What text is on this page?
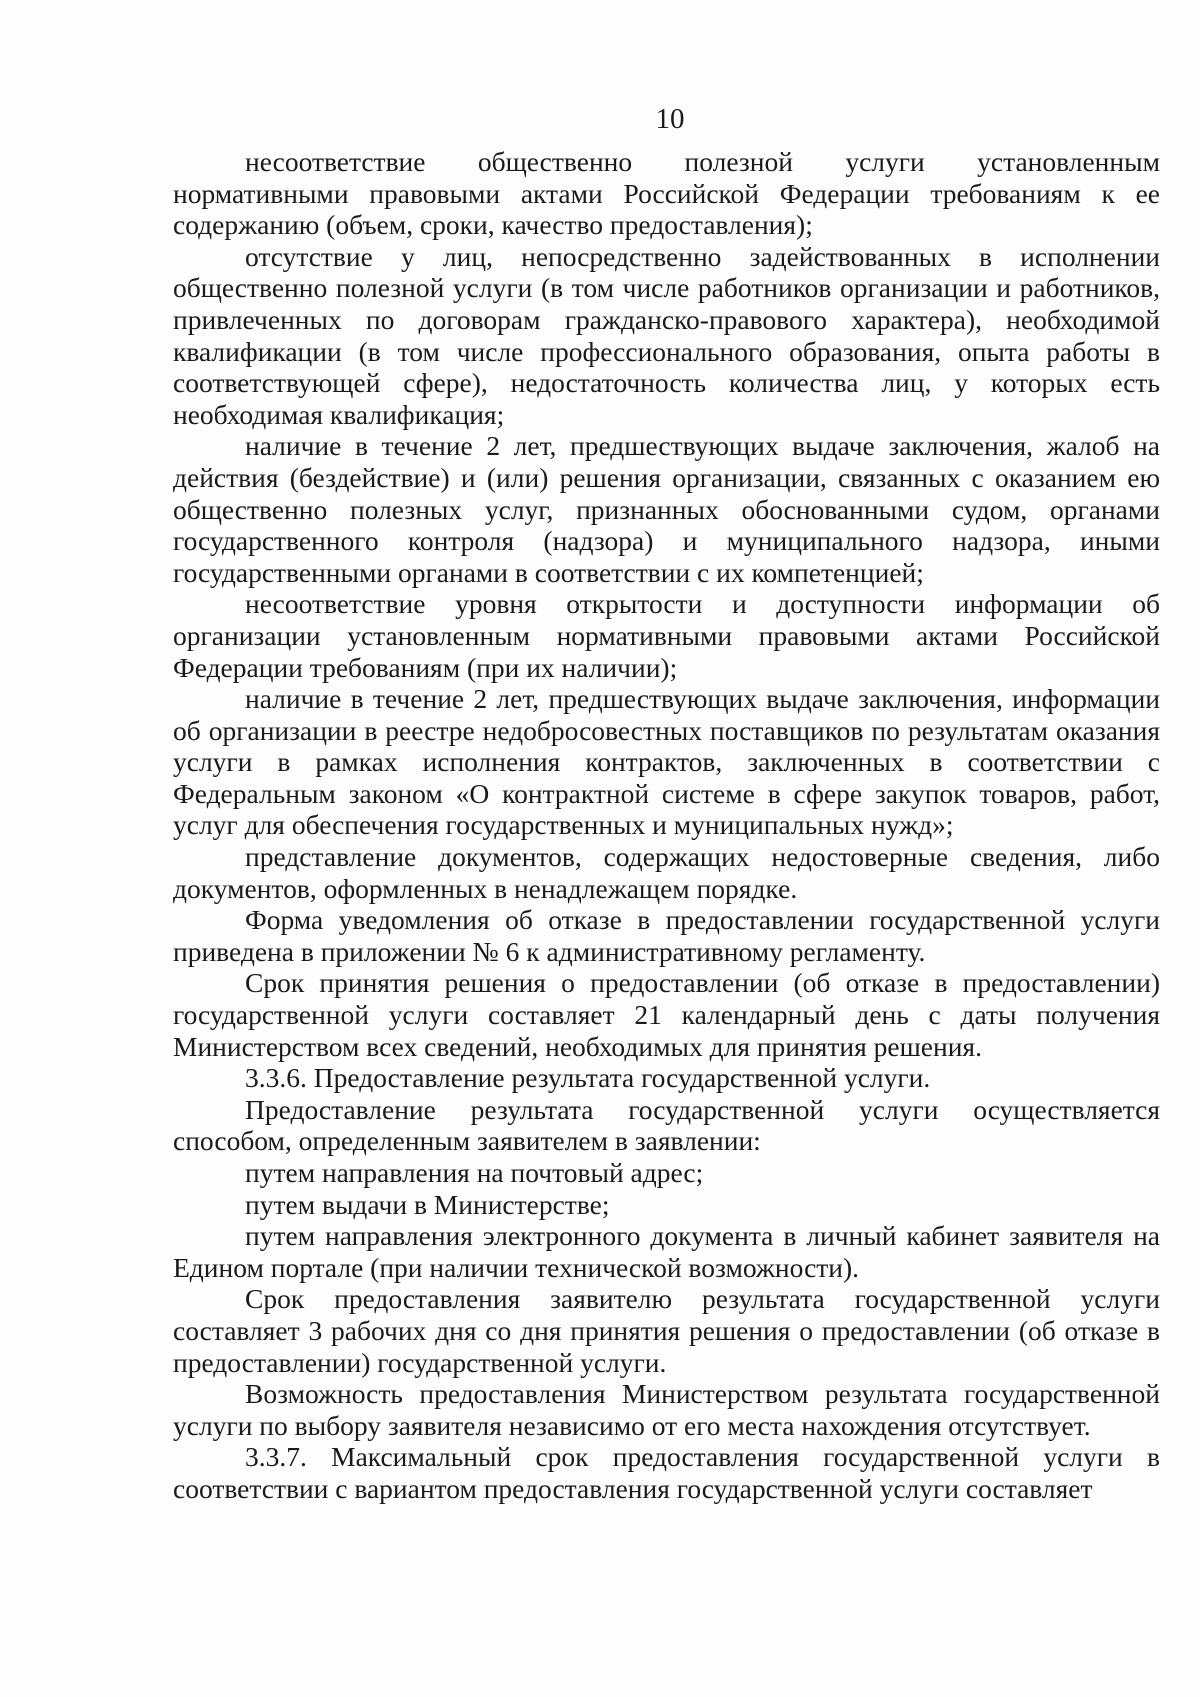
10

несоответствие общественно полезной услуги установленным нормативными правовыми актами Российской Федерации требованиям к ее содержанию (объем, сроки, качество предоставления);

отсутствие у лиц, непосредственно задействованных в исполнении общественно полезной услуги (в том числе работников организации и работников, привлеченных по договорам гражданско-правового характера), необходимой квалификации (в том числе профессионального образования, опыта работы в соответствующей сфере), недостаточность количества лиц, у которых есть необходимая квалификация;

наличие в течение 2 лет, предшествующих выдаче заключения, жалоб на действия (бездействие) и (или) решения организации, связанных с оказанием ею общественно полезных услуг, признанных обоснованными судом, органами государственного контроля (надзора) и муниципального надзора, иными государственными органами в соответствии с их компетенцией;

несоответствие уровня открытости и доступности информации об организации установленным нормативными правовыми актами Российской Федерации требованиям (при их наличии);

наличие в течение 2 лет, предшествующих выдаче заключения, информации об организации в реестре недобросовестных поставщиков по результатам оказания услуги в рамках исполнения контрактов, заключенных в соответствии с Федеральным законом «О контрактной системе в сфере закупок товаров, работ, услуг для обеспечения государственных и муниципальных нужд»;

представление документов, содержащих недостоверные сведения, либо документов, оформленных в ненадлежащем порядке.

Форма уведомления об отказе в предоставлении государственной услуги приведена в приложении № 6 к административному регламенту.

Срок принятия решения о предоставлении (об отказе в предоставлении) государственной услуги составляет 21 календарный день с даты получения Министерством всех сведений, необходимых для принятия решения.

3.3.6. Предоставление результата государственной услуги.

Предоставление результата государственной услуги осуществляется способом, определенным заявителем в заявлении:

путем направления на почтовый адрес;

путем выдачи в Министерстве;

путем направления электронного документа в личный кабинет заявителя на Едином портале (при наличии технической возможности).

Срок предоставления заявителю результата государственной услуги составляет 3 рабочих дня со дня принятия решения о предоставлении (об отказе в предоставлении) государственной услуги.

Возможность предоставления Министерством результата государственной услуги по выбору заявителя независимо от его места нахождения отсутствует.

3.3.7. Максимальный срок предоставления государственной услуги в соответствии с вариантом предоставления государственной услуги составляет
